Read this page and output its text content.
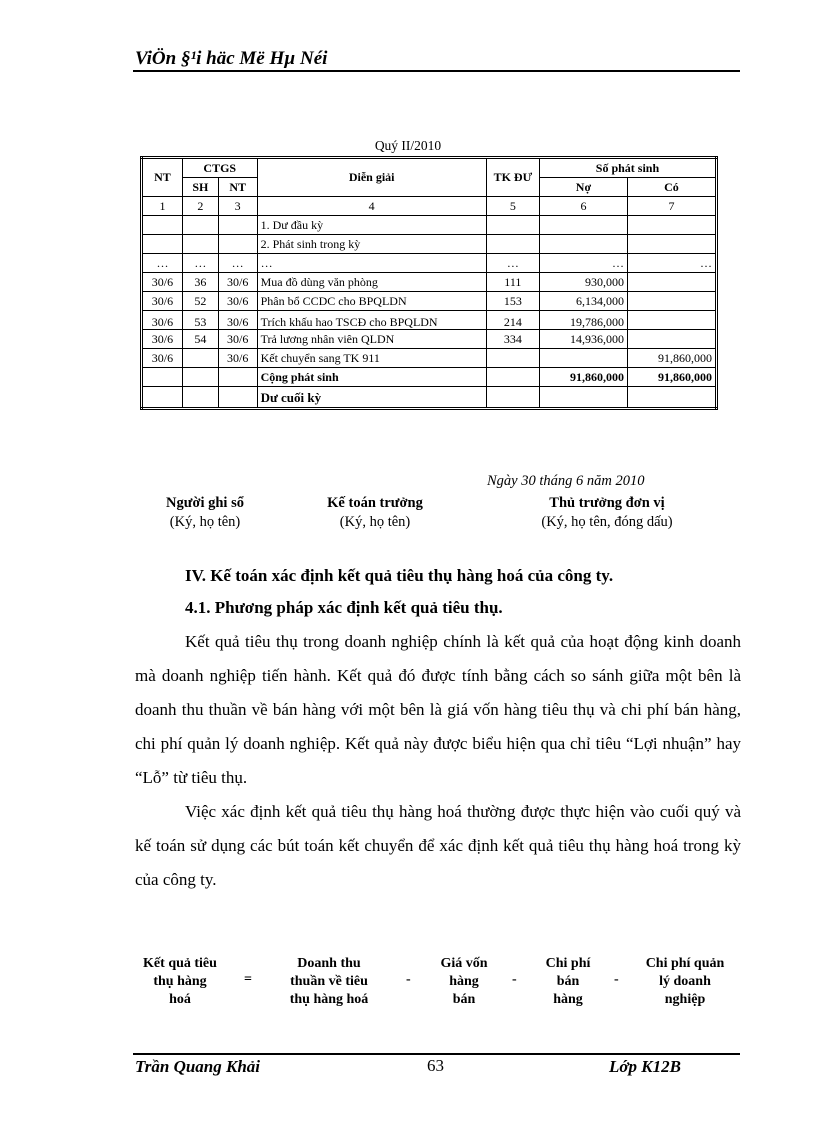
ViÖn §¹i häc Më Hµ Néi
Quý II/2010
NT	CTGS		Diễn giải	TK ĐƯ	Số phát sinh	
	SH	NT			Nợ	Có
1	2	3	4	5	6	7
			1. Dư đầu kỳ			
			2. Phát sinh trong kỳ			
…	…	…	…	…	…	…
30/6	36	30/6	Mua đồ dùng văn phòng	111	930,000	
30/6	52	30/6	Phân bổ CCDC cho BPQLDN	153	6,134,000	
30/6	53	30/6	Trích khấu hao TSCĐ cho BPQLDN	214	19,786,000	
30/6	54	30/6	Trả lương nhân viên QLDN	334	14,936,000	
30/6		30/6	Kết chuyển sang TK 911			91,860,000
			Cộng phát sinh		91,860,000	91,860,000
			Dư cuối kỳ			
Ngày 30 tháng 6 năm 2010
Người ghi sổ
(Ký, họ tên)
Kế toán trưởng
(Ký, họ tên)
Thủ trưởng đơn vị
(Ký, họ tên, đóng dấu)
IV. Kế toán xác định kết quả tiêu thụ hàng hoá của công ty.
4.1. Phương pháp xác định kết quả tiêu thụ.

Kết quả tiêu thụ trong doanh nghiệp chính là kết quả của hoạt động kinh doanh mà doanh nghiệp tiến hành. Kết quả đó được tính bằng cách so sánh giữa một bên là doanh thu thuần về bán hàng với một bên là giá vốn hàng tiêu thụ và chi phí bán hàng, chi phí quản lý doanh nghiệp. Kết quả này được biểu hiện qua chỉ tiêu “Lợi nhuận” hay “Lỗ” từ tiêu thụ.

Việc xác định kết quả tiêu thụ hàng hoá thường được thực hiện vào cuối quý và kế toán sử dụng các bút toán kết chuyển để xác định kết quả tiêu thụ hàng hoá trong kỳ của công ty.

Kết quả tiêu
thụ hàng
hoá
=
Doanh thu
thuần về tiêu
thụ hàng hoá
-
Giá vốn
hàng
bán
-
Chi phí
bán
hàng
-
Chi phí quản
lý doanh
nghiệp
Trần Quang Khải	63	Lớp K12B
